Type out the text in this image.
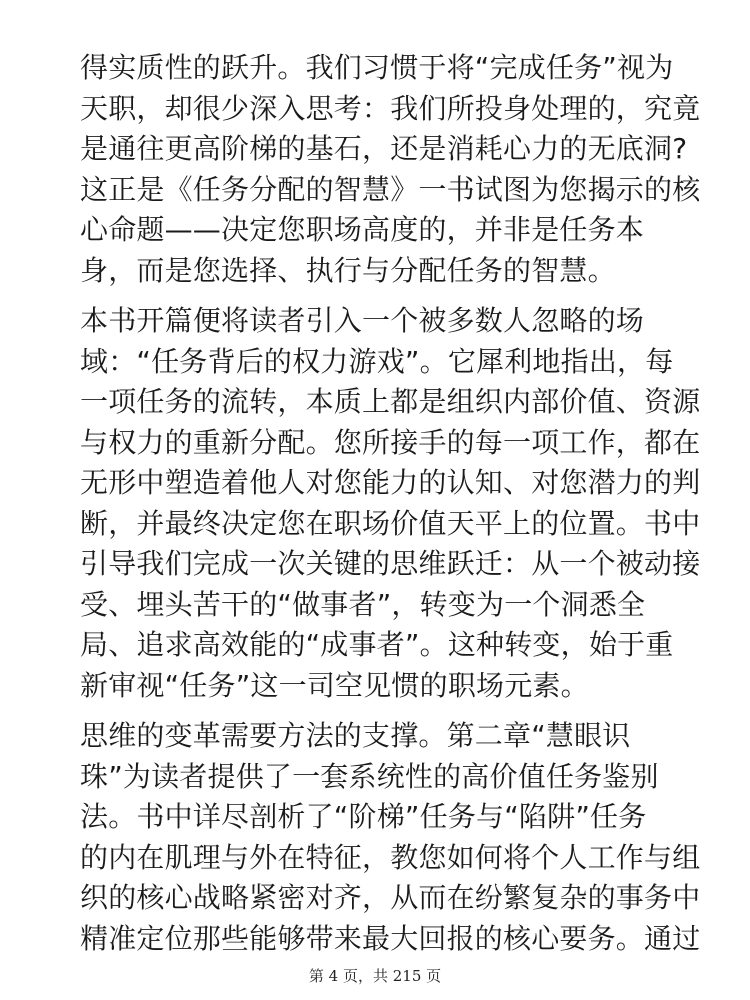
得实质性的跃升。我们习惯于将“完成任务”视为
天职，却很少深入思考：我们所投身处理的，究竟
是通往更高阶梯的基石，还是消耗心力的无底洞?
这正是《任务分配的智慧》一书试图为您揭示的核
心命题——决定您职场高度的，并非是任务本
身，而是您选择、执行与分配任务的智慧。
本书开篇便将读者引入一个被多数人忽略的场
域：“任务背后的权力游戏”。它犀利地指出，每
一项任务的流转，本质上都是组织内部价值、资源
与权力的重新分配。您所接手的每一项工作，都在
无形中塑造着他人对您能力的认知、对您潜力的判
断，并最终决定您在职场价值天平上的位置。书中
引导我们完成一次关键的思维跃迁：从一个被动接
受、埋头苦干的“做事者”，转变为一个洞悉全
局、追求高效能的“成事者”。这种转变，始于重
新审视“任务”这一司空见惯的职场元素。
思维的变革需要方法的支撑。第二章“慧眼识
珠”为读者提供了一套系统性的高价值任务鉴别
法。书中详尽剖析了“阶梯”任务与“陷阱”任务
的内在肌理与外在特征，教您如何将个人工作与组
织的核心战略紧密对齐，从而在纷繁复杂的事务中
精准定位那些能够带来最大回报的核心要务。通过
第 4 页，共 215 页
